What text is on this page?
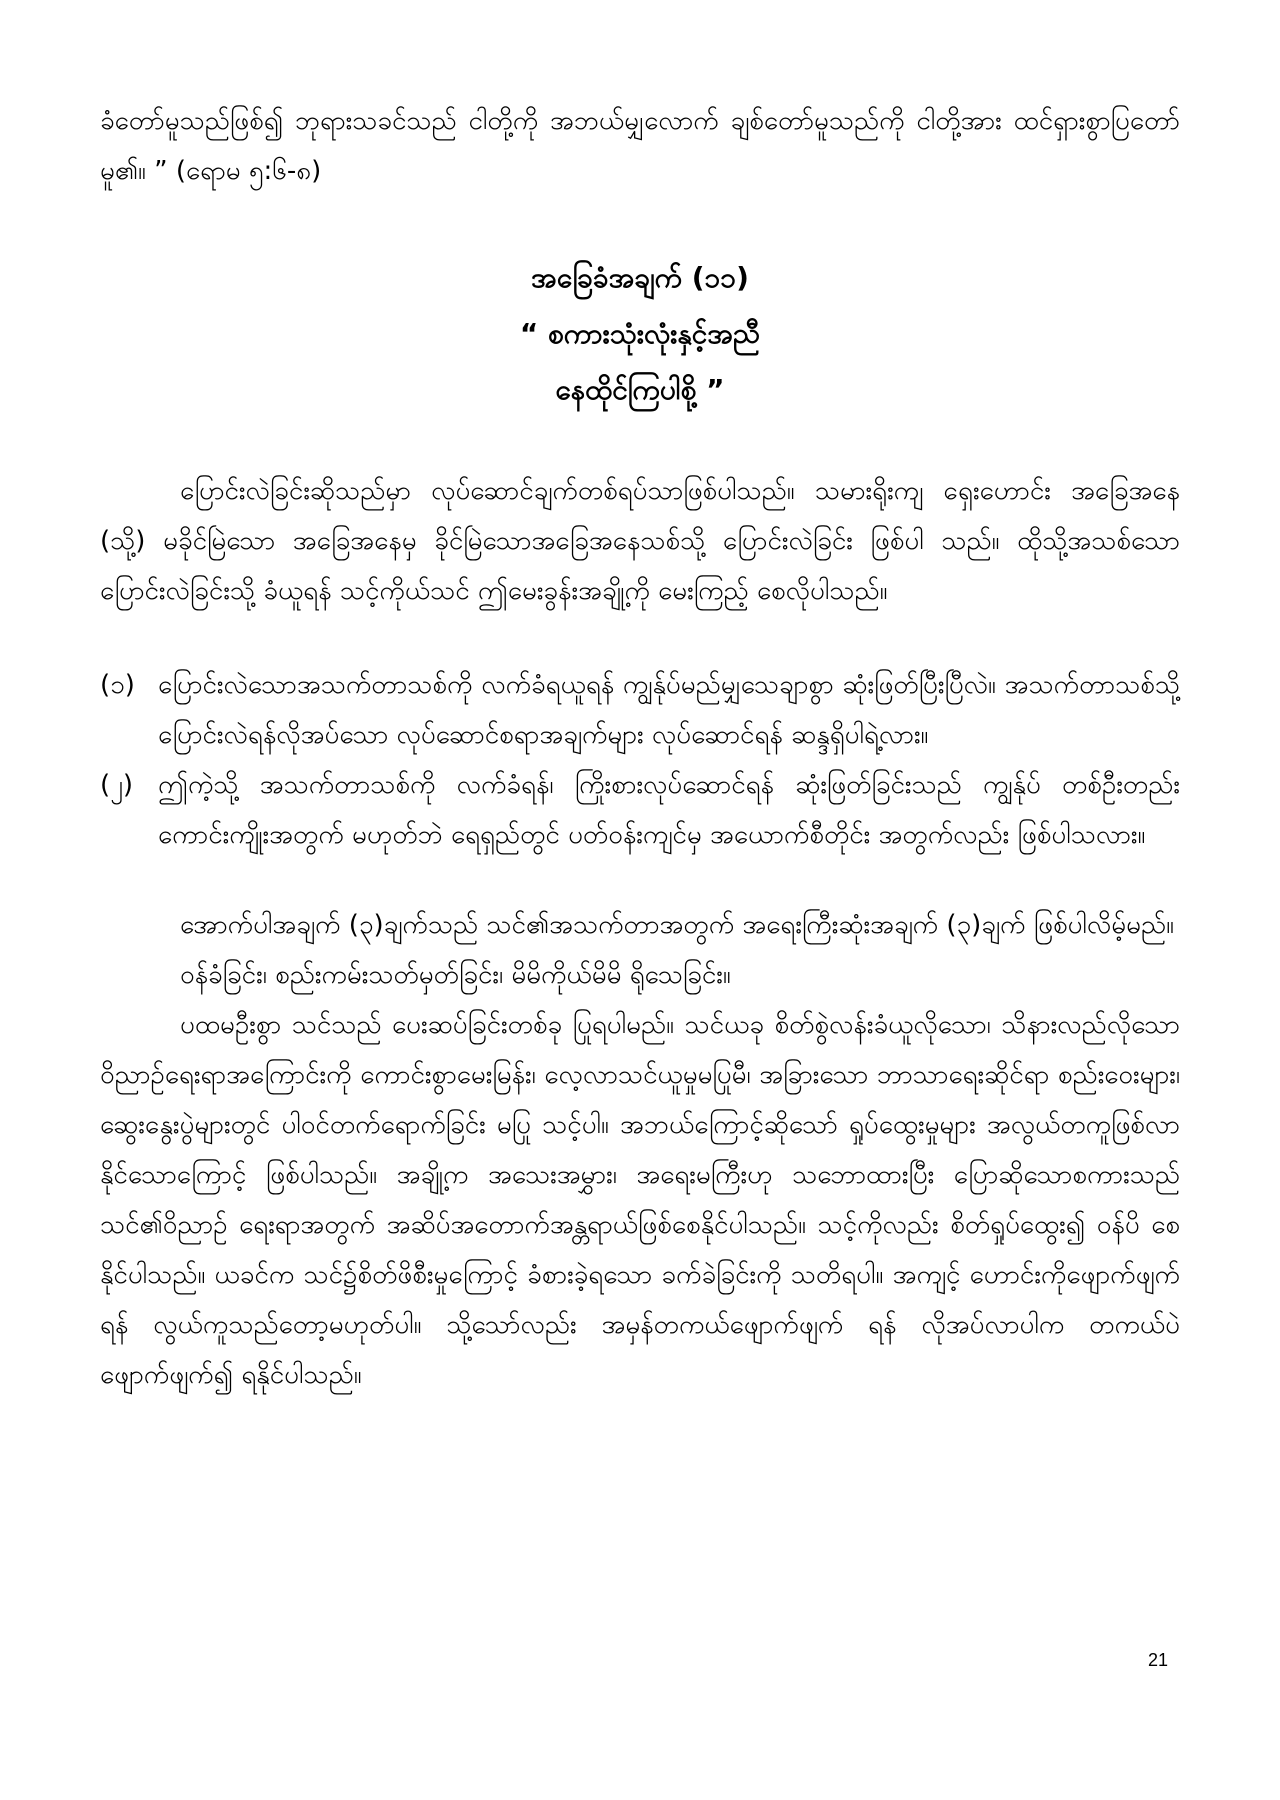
ခံတော်မူသည်ဖြစ်၍ ဘုရားသခင်သည် ငါတို့ကို အဘယ်မျှလောက် ချစ်တော်မူသည်ကို ငါတို့အား ထင်ရှားစွာပြတော်မူ၏။ ” (ရောမ ၅:၆-၈)

အခြေခံအချက် (၁၁)
“ စကားသုံးလုံးနှင့်အညီ
နေထိုင်ကြပါစို့ ”

ပြောင်းလဲခြင်းဆိုသည်မှာ လုပ်ဆောင်ချက်တစ်ရပ်သာဖြစ်ပါသည်။ သမားရိုးကျ ရှေးဟောင်း အခြေအနေ (သို့) မခိုင်မြဲသော အခြေအနေမှ ခိုင်မြဲသောအခြေအနေသစ်သို့ ပြောင်းလဲခြင်း ဖြစ်ပါ သည်။ ထိုသို့အသစ်သော ပြောင်းလဲခြင်းသို့ ခံယူရန် သင့်ကိုယ်သင် ဤမေးခွန်းအချို့ကို မေးကြည့် စေလိုပါသည်။

(၁) ပြောင်းလဲသောအသက်တာသစ်ကို လက်ခံရယူရန် ကျွန်ုပ်မည်မျှသေချာစွာ ဆုံးဖြတ်ပြီးပြီလဲ။ အသက်တာသစ်သို့ ပြောင်းလဲရန်လိုအပ်သော လုပ်ဆောင်စရာအချက်များ လုပ်ဆောင်ရန် ဆန္ဒရှိပါရဲ့လား။
(၂) ဤကဲ့သို့ အသက်တာသစ်ကို လက်ခံရန်၊ ကြိုးစားလုပ်ဆောင်ရန် ဆုံးဖြတ်ခြင်းသည် ကျွန်ုပ် တစ်ဦးတည်း ကောင်းကျိုးအတွက် မဟုတ်ဘဲ ရေရှည်တွင် ပတ်ဝန်းကျင်မှ အယောက်စီတိုင်း အတွက်လည်း ဖြစ်ပါသလား။

အောက်ပါအချက် (၃)ချက်သည် သင်၏အသက်တာအတွက် အရေးကြီးဆုံးအချက် (၃)ချက် ဖြစ်ပါလိမ့်မည်။

ဝန်ခံခြင်း၊ စည်းကမ်းသတ်မှတ်ခြင်း၊ မိမိကိုယ်မိမိ ရိုသေခြင်း။

ပထမဦးစွာ သင်သည် ပေးဆပ်ခြင်းတစ်ခု ပြုရပါမည်။ သင်ယခု စိတ်စွဲလန်းခံယူလိုသော၊ သိနားလည်လိုသော ဝိညာဉ်ရေးရာအကြောင်းကို ကောင်းစွာမေးမြန်း၊ လေ့လာသင်ယူမှုမပြုမီ၊ အခြားသော ဘာသာရေးဆိုင်ရာ စည်းဝေးများ၊ ဆွေးနွေးပွဲများတွင် ပါဝင်တက်ရောက်ခြင်း မပြု သင့်ပါ။ အဘယ်ကြောင့်ဆိုသော် ရှုပ်ထွေးမှုများ အလွယ်တကူဖြစ်လာနိုင်သောကြောင့် ဖြစ်ပါသည်။ အချို့က အသေးအမွှား၊ အရေးမကြီးဟု သဘောထားပြီး ပြောဆိုသောစကားသည် သင်၏ဝိညာဉ် ရေးရာအတွက် အဆိပ်အတောက်အန္တရာယ်ဖြစ်စေနိုင်ပါသည်။ သင့်ကိုလည်း စိတ်ရှုပ်ထွေး၍ ဝန်ပိ စေနိုင်ပါသည်။ ယခင်က သင်၌စိတ်ဖိစီးမှုကြောင့် ခံစားခဲ့ရသော ခက်ခဲခြင်းကို သတိရပါ။ အကျင့် ဟောင်းကိုဖျောက်ဖျက်ရန် လွယ်ကူသည်တော့မဟုတ်ပါ။ သို့သော်လည်း အမှန်တကယ်ဖျောက်ဖျက် ရန် လိုအပ်လာပါက တကယ်ပဲ ဖျောက်ဖျက်၍ ရနိုင်ပါသည်။

21
